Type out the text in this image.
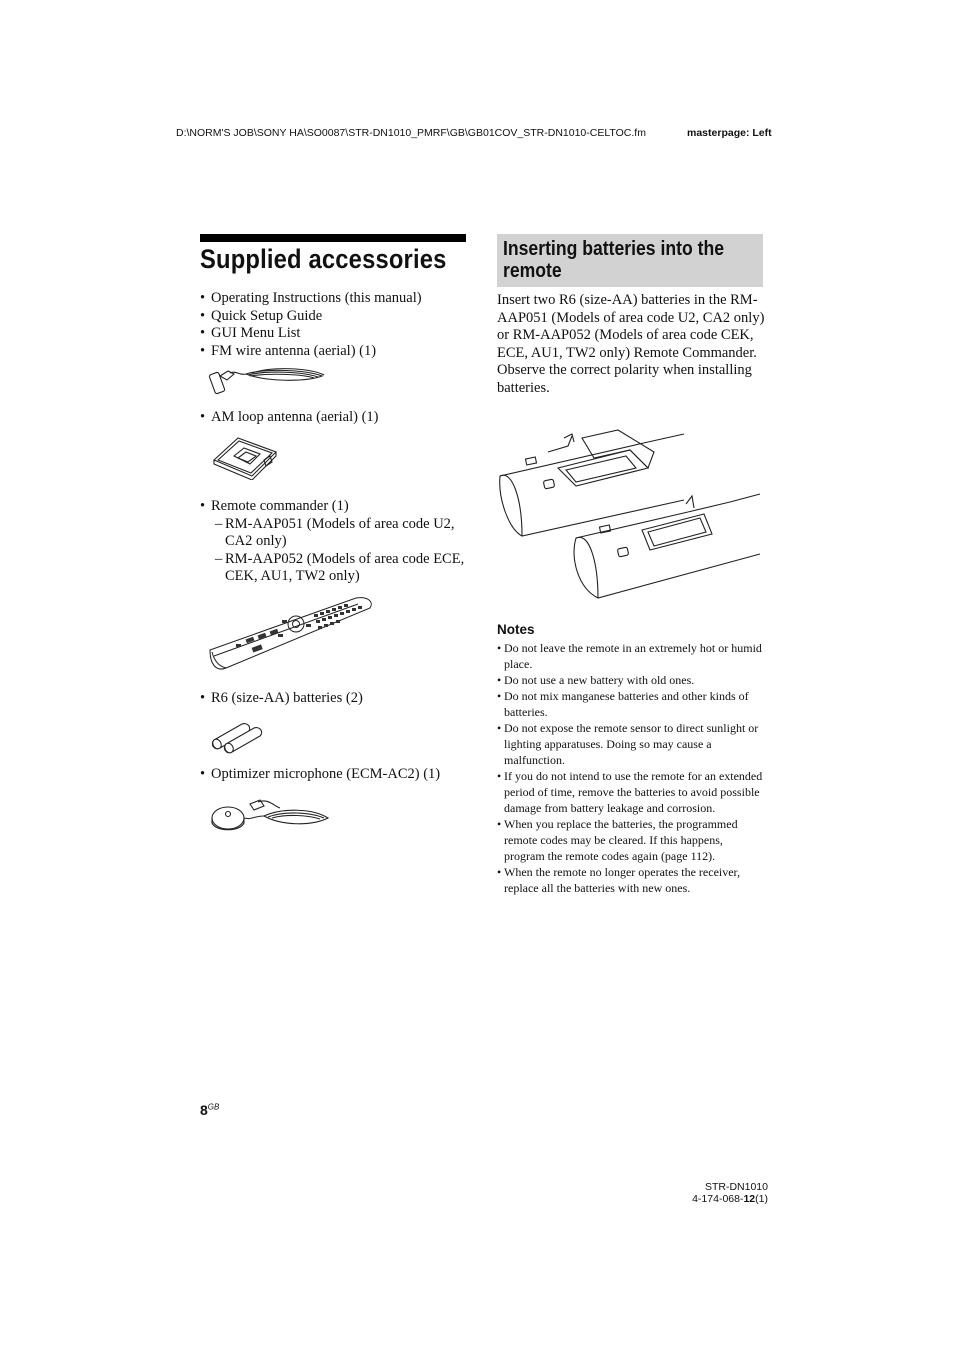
D:\NORM'S JOB\SONY HA\SO0087\STR-DN1010_PMRF\GB\GB01COV_STR-DN1010-CELTOC.fm	masterpage: Left
Supplied accessories
• Operating Instructions (this manual)
• Quick Setup Guide
• GUI Menu List
• FM wire antenna (aerial) (1)
• AM loop antenna (aerial) (1)
• Remote commander (1)
– RM-AAP051 (Models of area code U2, CA2 only)
– RM-AAP052 (Models of area code ECE, CEK, AU1, TW2 only)
• R6 (size-AA) batteries (2)
• Optimizer microphone (ECM-AC2) (1)
Inserting batteries into the remote

Insert two R6 (size-AA) batteries in the RM-AAP051 (Models of area code U2, CA2 only) or RM-AAP052 (Models of area code CEK, ECE, AU1, TW2 only) Remote Commander.

Observe the correct polarity when installing batteries.

Notes
• Do not leave the remote in an extremely hot or humid place.
• Do not use a new battery with old ones.
• Do not mix manganese batteries and other kinds of batteries.
• Do not expose the remote sensor to direct sunlight or lighting apparatuses. Doing so may cause a malfunction.
• If you do not intend to use the remote for an extended period of time, remove the batteries to avoid possible damage from battery leakage and corrosion.
• When you replace the batteries, the programmed remote codes may be cleared. If this happens, program the remote codes again (page 112).
• When the remote no longer operates the receiver, replace all the batteries with new ones.
$8^{GB}$
STR-DN1010
4-174-068-12(1)
